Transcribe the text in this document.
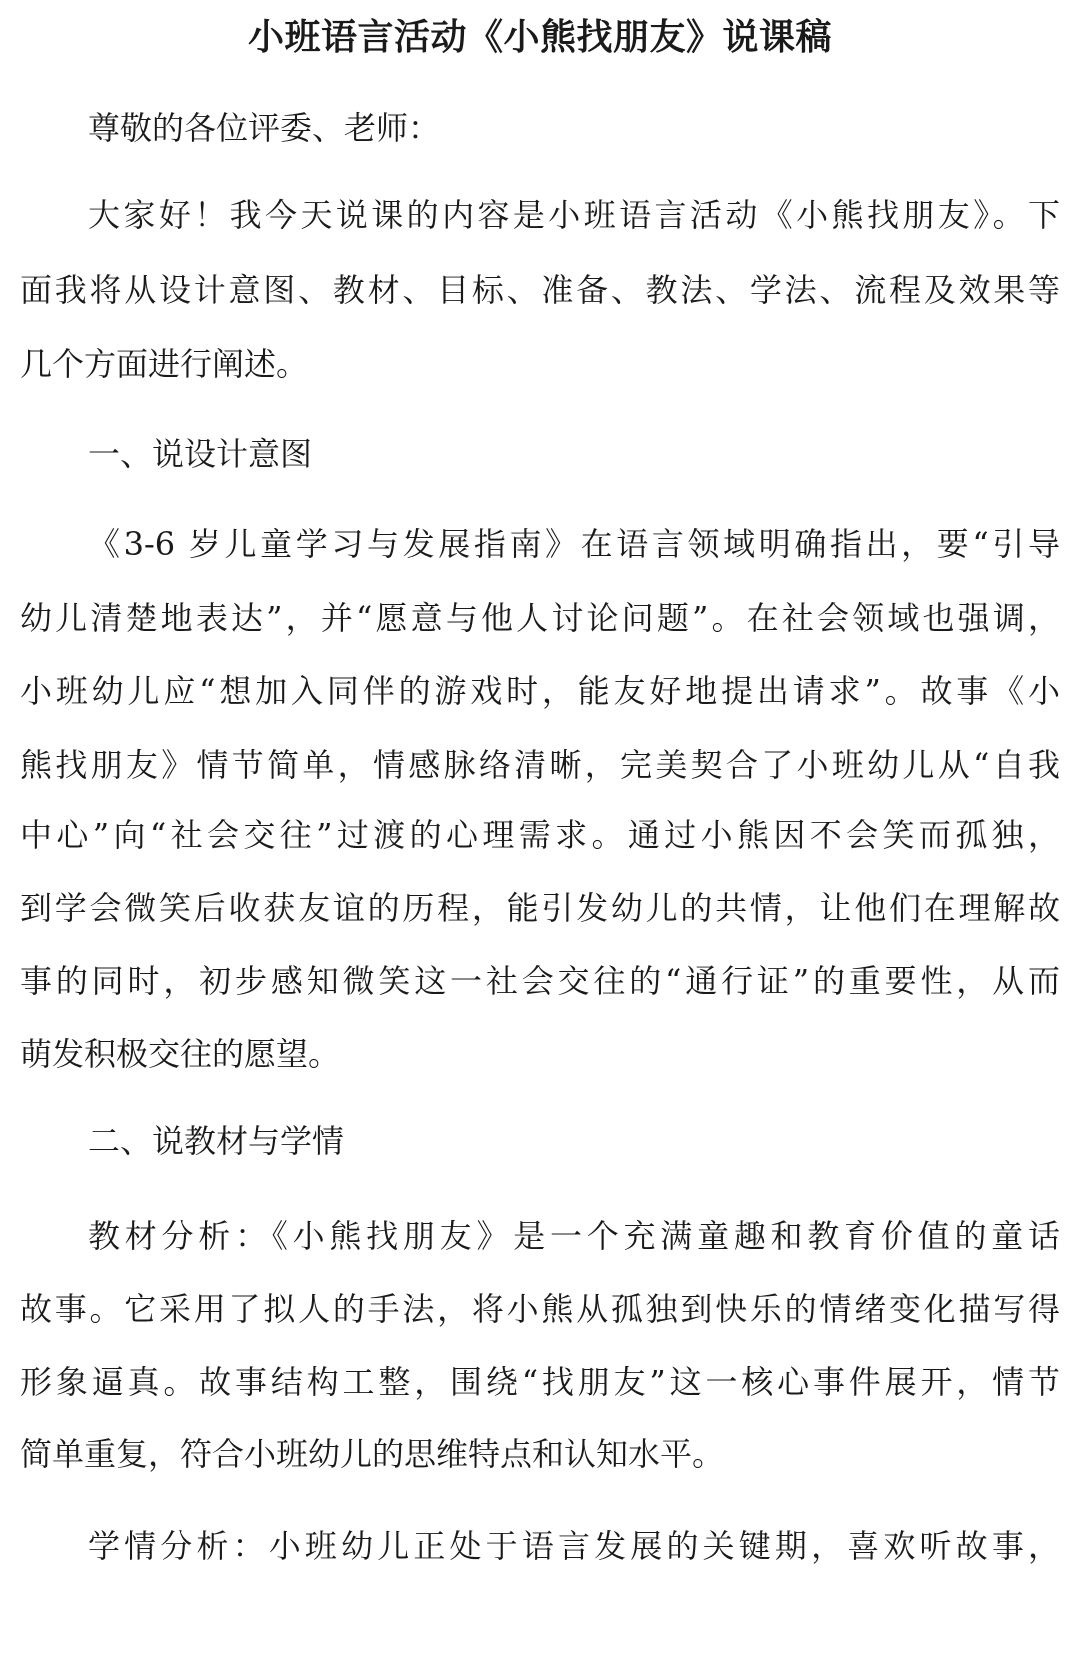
小班语言活动《小熊找朋友》说课稿

尊敬的各位评委、老师：

大家好！我今天说课的内容是小班语言活动《小熊找朋友》。下

面我将从设计意图、教材、目标、准备、教法、学法、流程及效果等

几个方面进行阐述。

一、说设计意图

《3-6 岁儿童学习与发展指南》在语言领域明确指出，要“引导

幼儿清楚地表达”，并“愿意与他人讨论问题”。在社会领域也强调，

小班幼儿应“想加入同伴的游戏时，能友好地提出请求”。故事《小

熊找朋友》情节简单，情感脉络清晰，完美契合了小班幼儿从“自我

中心”向“社会交往”过渡的心理需求。通过小熊因不会笑而孤独，

到学会微笑后收获友谊的历程，能引发幼儿的共情，让他们在理解故

事的同时，初步感知微笑这一社会交往的“通行证”的重要性，从而

萌发积极交往的愿望。

二、说教材与学情

教材分析：《小熊找朋友》是一个充满童趣和教育价值的童话

故事。它采用了拟人的手法，将小熊从孤独到快乐的情绪变化描写得

形象逼真。故事结构工整，围绕“找朋友”这一核心事件展开，情节

简单重复，符合小班幼儿的思维特点和认知水平。

学情分析：小班幼儿正处于语言发展的关键期，喜欢听故事，
